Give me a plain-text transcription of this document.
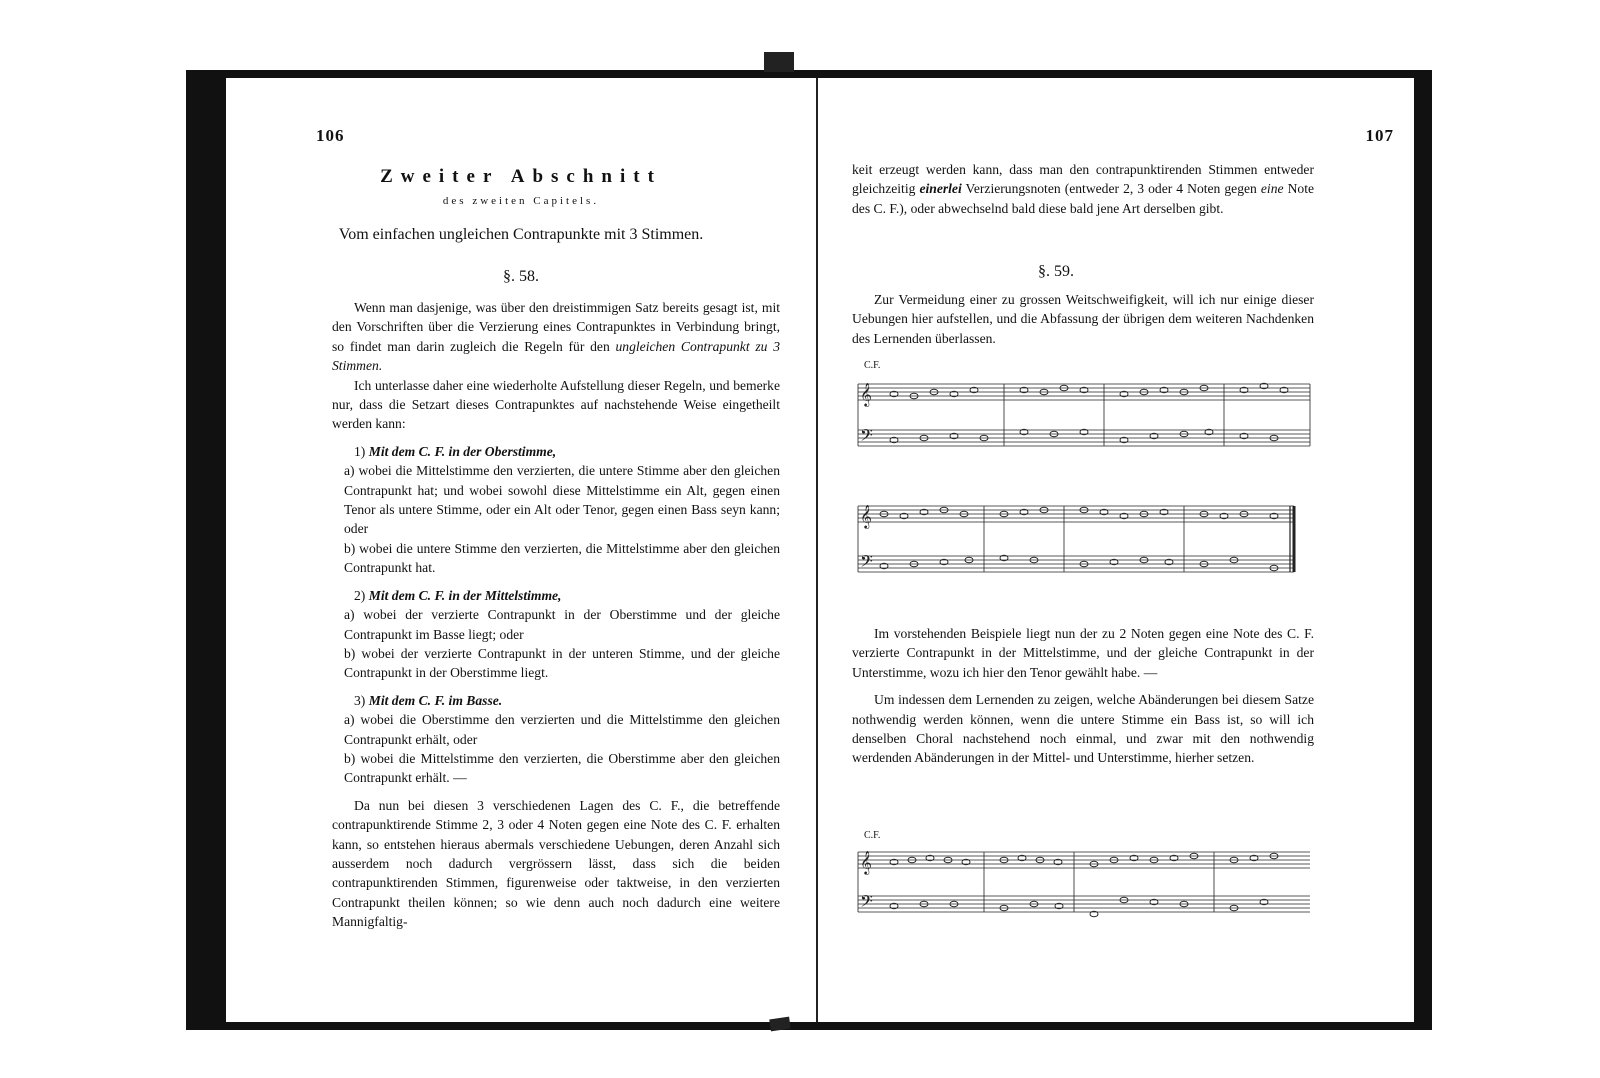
106
Zweiter Abschnitt
des zweiten Capitels.
Vom einfachen ungleichen Contrapunkte mit 3 Stimmen.
§. 58.

Wenn man dasjenige, was über den dreistimmigen Satz bereits gesagt ist, mit den Vorschriften über die Verzierung eines Contrapunktes in Verbindung bringt, so findet man darin zugleich die Regeln für den ungleichen Contrapunkt zu 3 Stimmen.

Ich unterlasse daher eine wiederholte Aufstellung dieser Regeln, und bemerke nur, dass die Setzart dieses Contrapunktes auf nachstehende Weise eingetheilt werden kann:

1) Mit dem C. F. in der Oberstimme,

a) wobei die Mittelstimme den verzierten, die untere Stimme aber den gleichen Contrapunkt hat; und wobei sowohl diese Mittelstimme ein Alt, gegen einen Tenor als untere Stimme, oder ein Alt oder Tenor, gegen einen Bass seyn kann; oder

b) wobei die untere Stimme den verzierten, die Mittelstimme aber den gleichen Contrapunkt hat.

2) Mit dem C. F. in der Mittelstimme,

a) wobei der verzierte Contrapunkt in der Oberstimme und der gleiche Contrapunkt im Basse liegt; oder

b) wobei der verzierte Contrapunkt in der unteren Stimme, und der gleiche Contrapunkt in der Oberstimme liegt.

3) Mit dem C. F. im Basse.

a) wobei die Oberstimme den verzierten und die Mittelstimme den gleichen Contrapunkt erhält, oder

b) wobei die Mittelstimme den verzierten, die Oberstimme aber den gleichen Contrapunkt erhält. —

Da nun bei diesen 3 verschiedenen Lagen des C. F., die betreffende contrapunktirende Stimme 2, 3 oder 4 Noten gegen eine Note des C. F. erhalten kann, so entstehen hieraus abermals verschiedene Uebungen, deren Anzahl sich ausserdem noch dadurch vergrössern lässt, dass sich die beiden contrapunktirenden Stimmen, figurenweise oder taktweise, in den verzierten Contrapunkt theilen können; so wie denn auch noch dadurch eine weitere Mannigfaltig-

107

keit erzeugt werden kann, dass man den contrapunktirenden Stimmen entweder gleichzeitig einerlei Verzierungsnoten (entweder 2, 3 oder 4 Noten gegen eine Note des C. F.), oder abwechselnd bald diese bald jene Art derselben gibt.

§. 59.

Zur Vermeidung einer zu grossen Weitschweifigkeit, will ich nur einige dieser Uebungen hier aufstellen, und die Abfassung der übrigen dem weiteren Nachdenken des Lernenden überlassen.

C.F.
𝄞
𝄢
𝄞
𝄢

Im vorstehenden Beispiele liegt nun der zu 2 Noten gegen eine Note des C. F. verzierte Contrapunkt in der Mittelstimme, und der gleiche Contrapunkt in der Unterstimme, wozu ich hier den Tenor gewählt habe. —

Um indessen dem Lernenden zu zeigen, welche Abänderungen bei diesem Satze nothwendig werden können, wenn die untere Stimme ein Bass ist, so will ich denselben Choral nachstehend noch einmal, und zwar mit den nothwendig werdenden Abänderungen in der Mittel- und Unterstimme, hierher setzen.

C.F.
𝄞
𝄢
